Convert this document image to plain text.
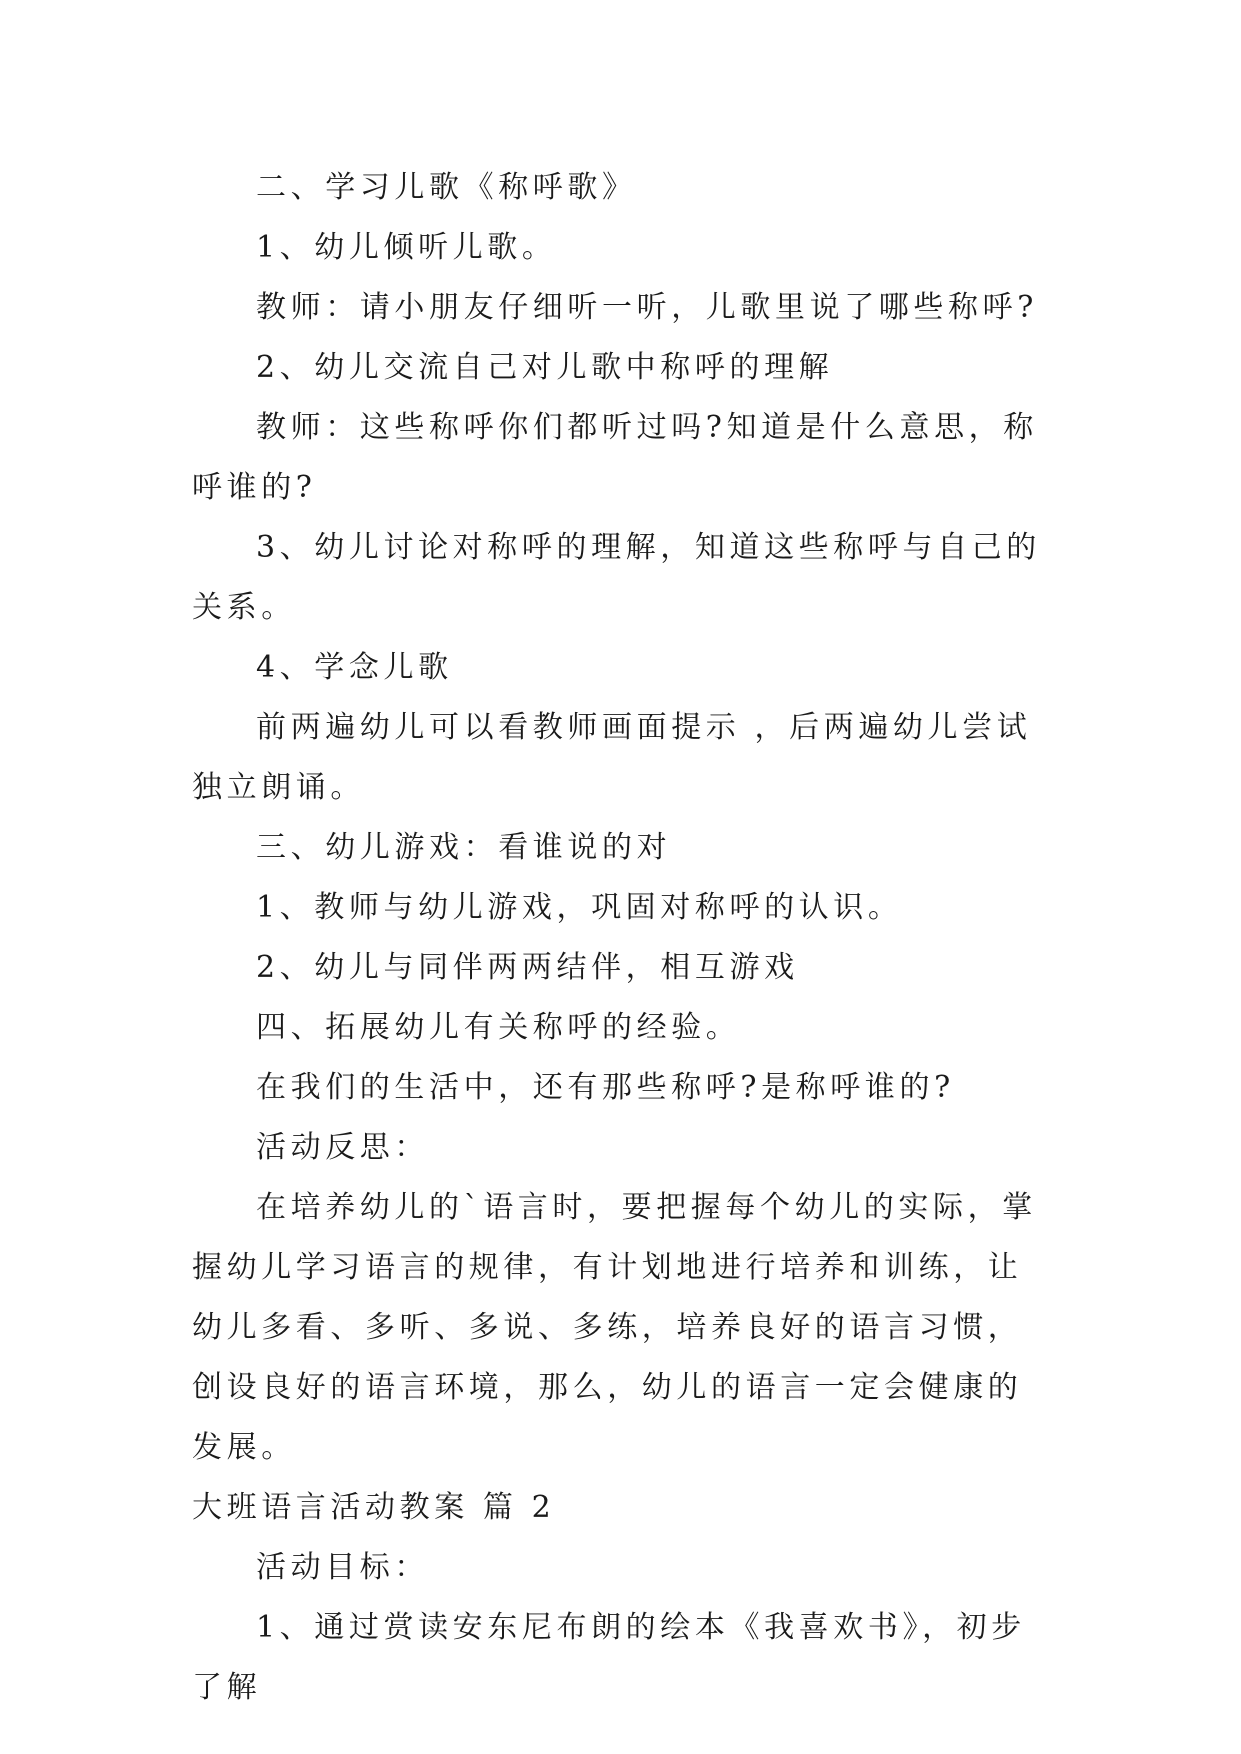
二、学习儿歌《称呼歌》

1、幼儿倾听儿歌。

教师：请小朋友仔细听一听，儿歌里说了哪些称呼?

2、幼儿交流自己对儿歌中称呼的理解

教师：这些称呼你们都听过吗?知道是什么意思，称呼谁的?

3、幼儿讨论对称呼的理解，知道这些称呼与自己的关系。

4、学念儿歌

前两遍幼儿可以看教师画面提示 ，后两遍幼儿尝试独立朗诵。

三、幼儿游戏：看谁说的对

1、教师与幼儿游戏，巩固对称呼的认识。

2、幼儿与同伴两两结伴，相互游戏

四、拓展幼儿有关称呼的经验。

在我们的生活中，还有那些称呼?是称呼谁的?

活动反思：

在培养幼儿的`语言时，要把握每个幼儿的实际，掌握幼儿学习语言的规律，有计划地进行培养和训练，让幼儿多看、多听、多说、多练，培养良好的语言习惯，创设良好的语言环境，那么，幼儿的语言一定会健康的发展。

大班语言活动教案 篇 2

活动目标：

1、通过赏读安东尼布朗的绘本《我喜欢书》，初步了解
